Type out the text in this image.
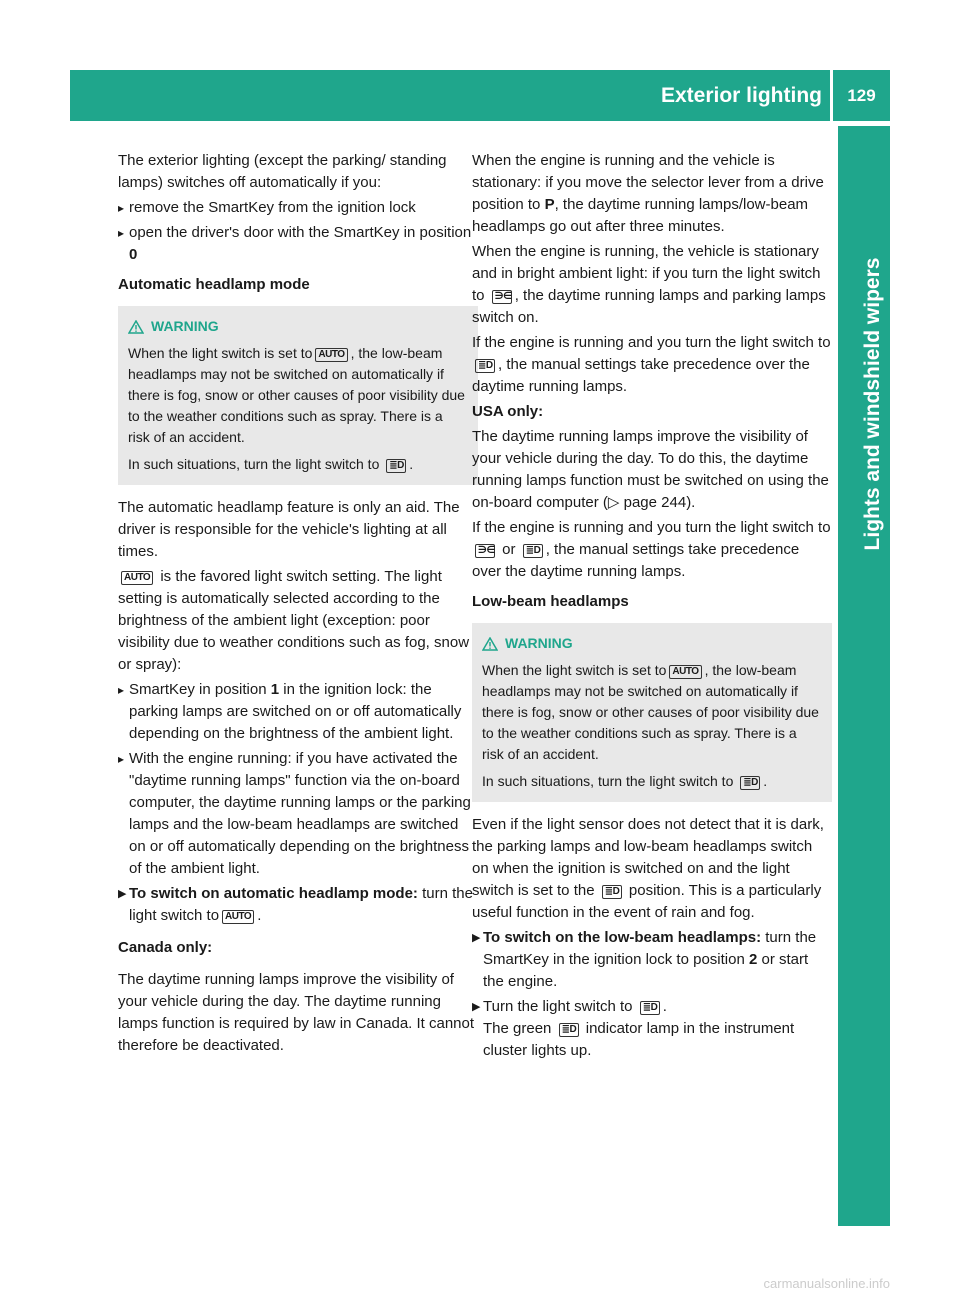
Exterior lighting	129
Lights and windshield wipers

The exterior lighting (except the parking/ standing lamps) switches off automatically if you:

▸ remove the SmartKey from the ignition lock
▸ open the driver's door with the SmartKey in position 0
Automatic headlamp mode
WARNING
When the light switch is set to AUTO , the low-beam headlamps may not be switched on automatically if there is fog, snow or other causes of poor visibility due to the weather conditions such as spray. There is a risk of an accident.
In such situations, turn the light switch to ≣D .

The automatic headlamp feature is only an aid. The driver is responsible for the vehicle's lighting at all times.

AUTO is the favored light switch setting. The light setting is automatically selected according to the brightness of the ambient light (exception: poor visibility due to weather conditions such as fog, snow or spray):

▸ SmartKey in position 1 in the ignition lock: the parking lamps are switched on or off automatically depending on the brightness of the ambient light.
▸ With the engine running: if you have activated the "daytime running lamps" function via the on-board computer, the daytime running lamps or the parking lamps and the low-beam headlamps are switched on or off automatically depending on the brightness of the ambient light.
▶ To switch on automatic headlamp mode: turn the light switch to AUTO .
Canada only:

The daytime running lamps improve the visibility of your vehicle during the day. The daytime running lamps function is required by law in Canada. It cannot therefore be deactivated.

When the engine is running and the vehicle is stationary: if you move the selector lever from a drive position to P, the daytime running lamps/low-beam headlamps go out after three minutes.

When the engine is running, the vehicle is stationary and in bright ambient light: if you turn the light switch to ∋∈ , the daytime running lamps and parking lamps switch on.

If the engine is running and you turn the light switch to ≣D , the manual settings take precedence over the daytime running lamps.

USA only:

The daytime running lamps improve the visibility of your vehicle during the day. To do this, the daytime running lamps function must be switched on using the on-board computer (▷ page 244).

If the engine is running and you turn the light switch to ∋∈ or ≣D , the manual settings take precedence over the daytime running lamps.

Low-beam headlamps
WARNING
When the light switch is set to AUTO , the low-beam headlamps may not be switched on automatically if there is fog, snow or other causes of poor visibility due to the weather conditions such as spray. There is a risk of an accident.
In such situations, turn the light switch to ≣D .

Even if the light sensor does not detect that it is dark, the parking lamps and low-beam headlamps switch on when the ignition is switched on and the light switch is set to the ≣D position. This is a particularly useful function in the event of rain and fog.

▶ To switch on the low-beam headlamps: turn the SmartKey in the ignition lock to position 2 or start the engine.
▶ Turn the light switch to ≣D .
The green ≣D indicator lamp in the instrument cluster lights up.
carmanualsonline.info
